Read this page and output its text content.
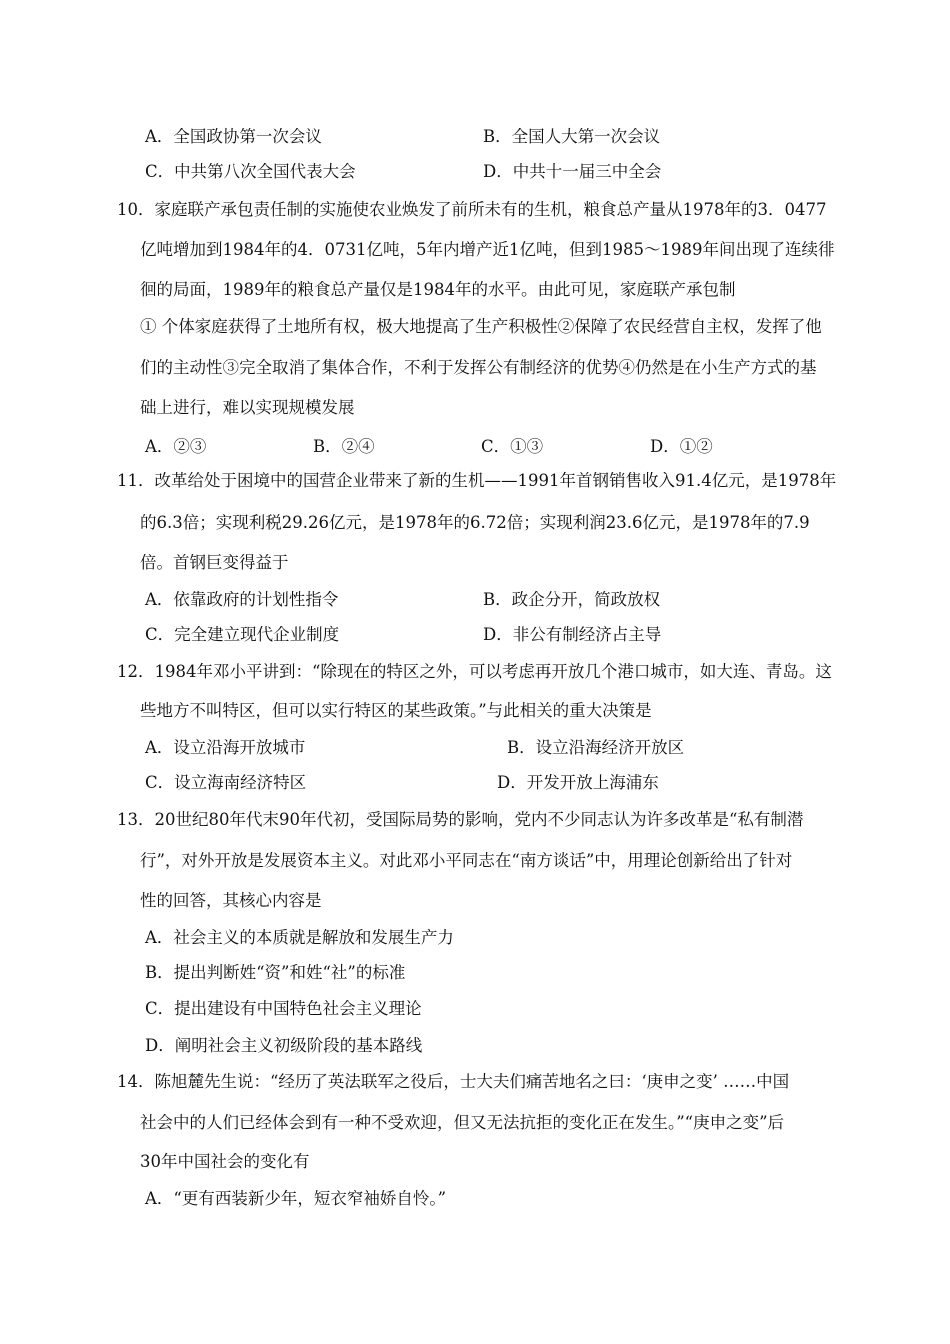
A．全国政协第一次会议	B．全国人大第一次会议
C．中共第八次全国代表大会	D．中共十一届三中全会
10．家庭联产承包责任制的实施使农业焕发了前所未有的生机，粮食总产量从1978年的3．0477
亿吨增加到1984年的4．0731亿吨，5年内增产近1亿吨，但到1985～1989年间出现了连续徘
徊的局面，1989年的粮食总产量仅是1984年的水平。由此可见，家庭联产承包制
① 个体家庭获得了土地所有权，极大地提高了生产积极性②保障了农民经营自主权，发挥了他
们的主动性③完全取消了集体合作，不利于发挥公有制经济的优势④仍然是在小生产方式的基
础上进行，难以实现规模发展
A．②③	B．②④	C．①③	D．①②
11．改革给处于困境中的国营企业带来了新的生机——1991年首钢销售收入91.4亿元，是1978年
的6.3倍；实现利税29.26亿元，是1978年的6.72倍；实现利润23.6亿元，是1978年的7.9
倍。首钢巨变得益于
A．依靠政府的计划性指令	B．政企分开，简政放权
C．完全建立现代企业制度	D．非公有制经济占主导
12．1984年邓小平讲到：“除现在的特区之外，可以考虑再开放几个港口城市，如大连、青岛。这
些地方不叫特区，但可以实行特区的某些政策。”与此相关的重大决策是
A．设立沿海开放城市	B．设立沿海经济开放区
C．设立海南经济特区	D．开发开放上海浦东
13．20世纪80年代末90年代初，受国际局势的影响，党内不少同志认为许多改革是“私有制潜
行”，对外开放是发展资本主义。对此邓小平同志在“南方谈话”中，用理论创新给出了针对
性的回答，其核心内容是
A．社会主义的本质就是解放和发展生产力
B．提出判断姓“资”和姓“社”的标准
C．提出建设有中国特色社会主义理论
D．阐明社会主义初级阶段的基本路线
14．陈旭麓先生说：“经历了英法联军之役后，士大夫们痛苦地名之曰：‘庚申之变’ ……中国
社会中的人们已经体会到有一种不受欢迎，但又无法抗拒的变化正在发生。”“庚申之变”后
30年中国社会的变化有
A．“更有西装新少年，短衣窄袖娇自怜。”
